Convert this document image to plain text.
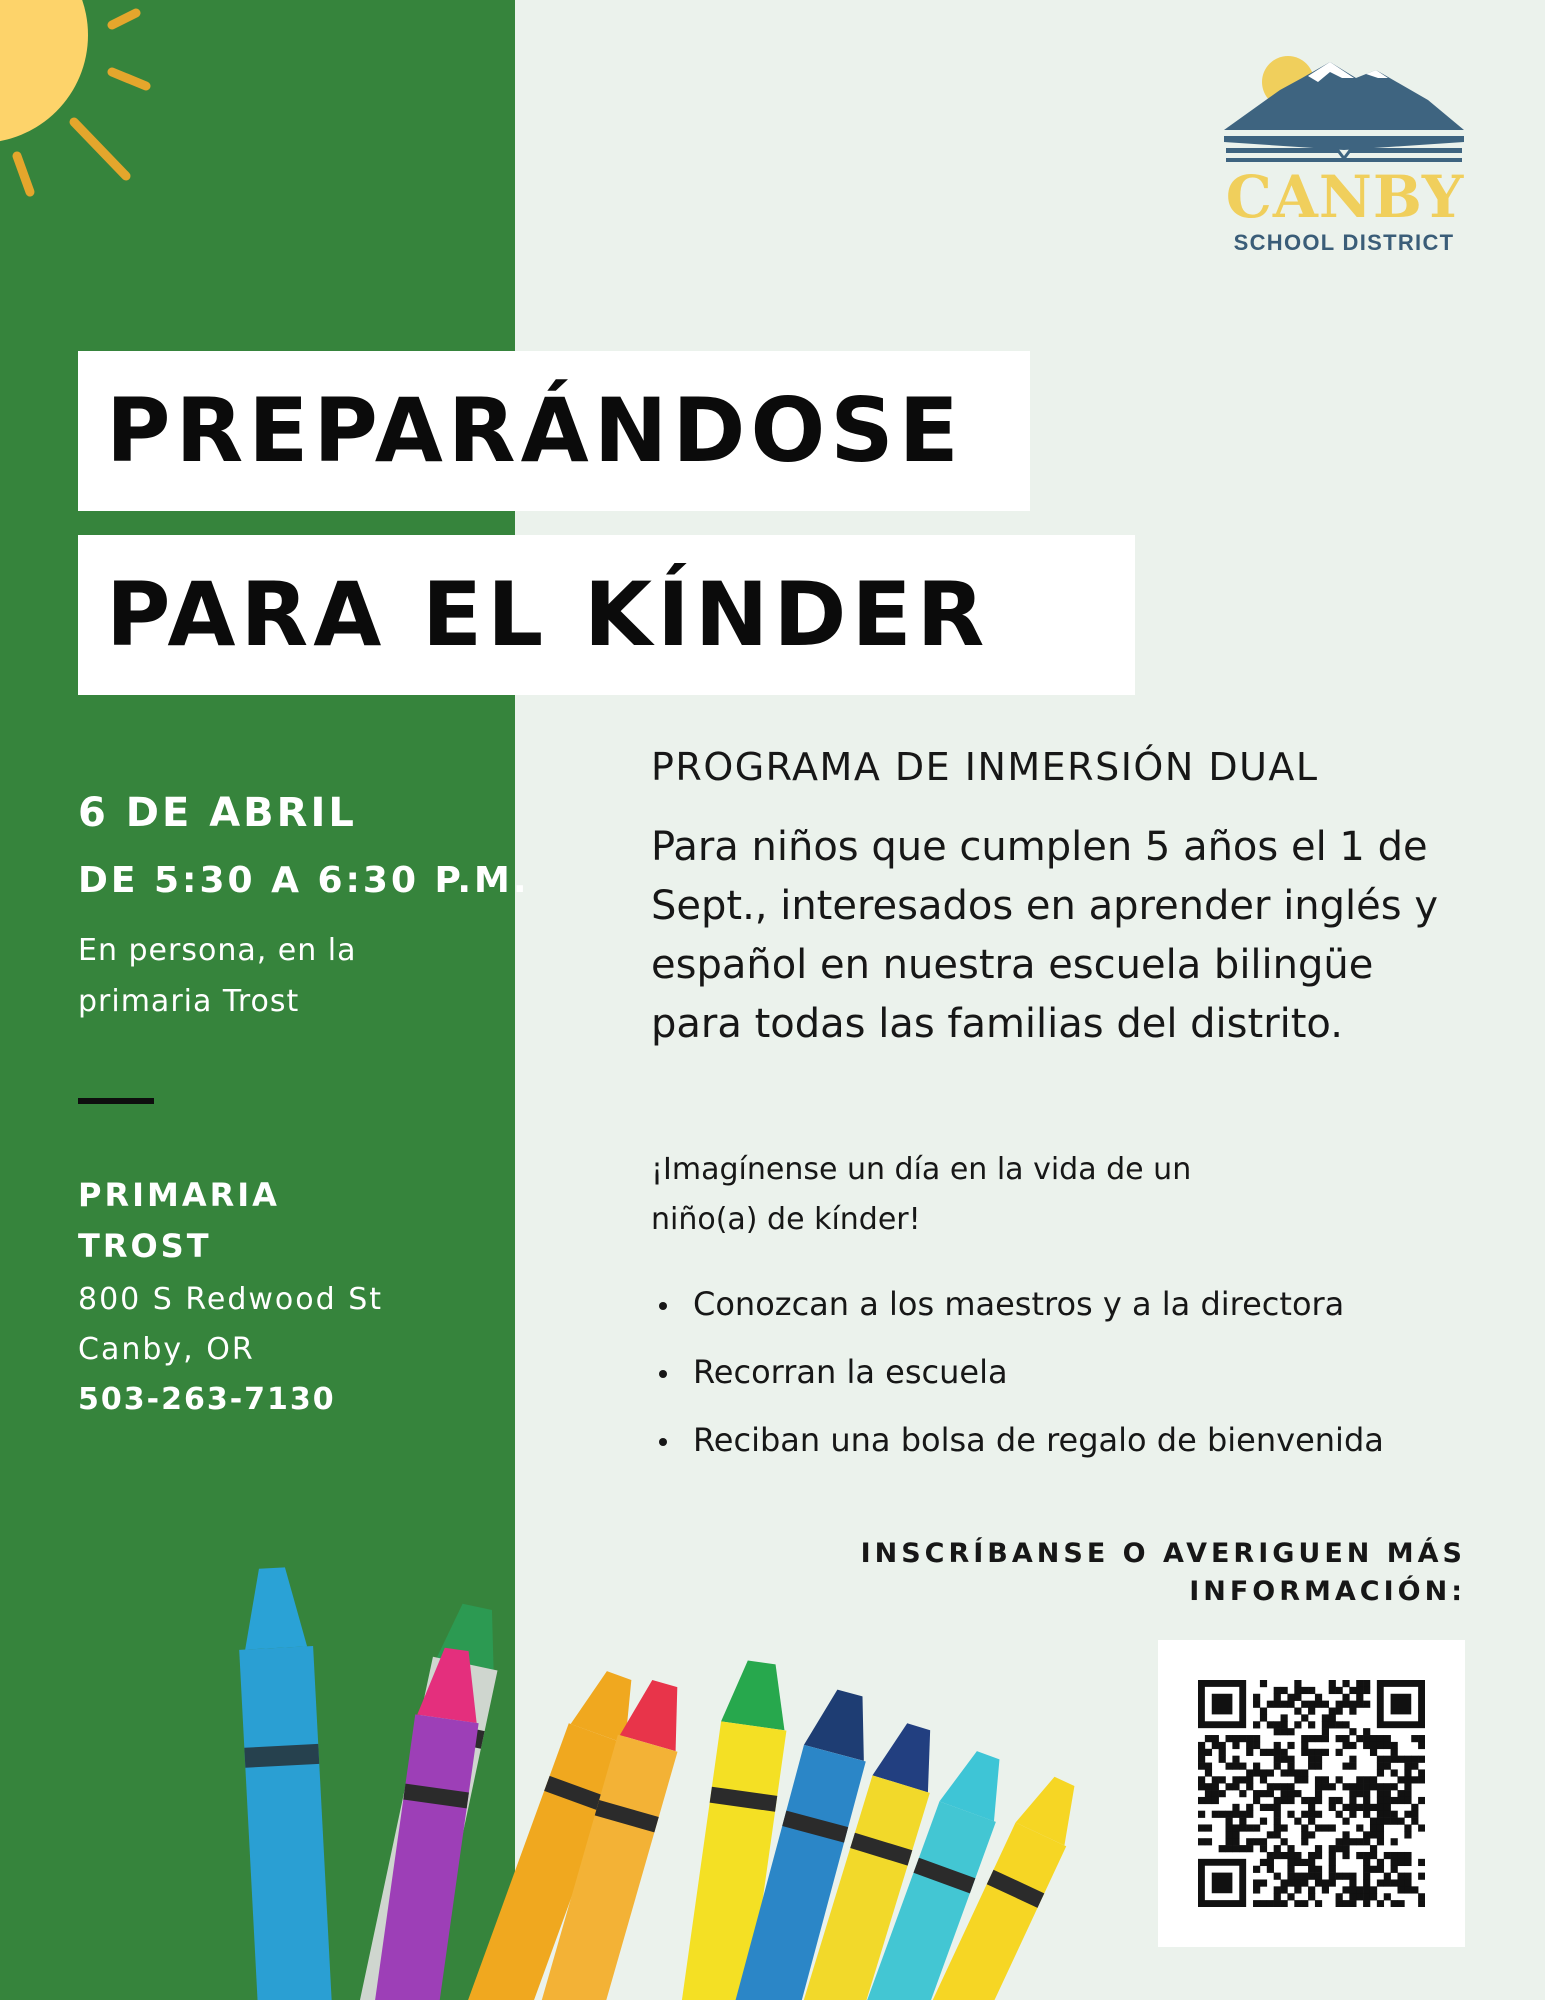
CANBY
SCHOOL DISTRICT
PREPARÁNDOSE
PARA EL KÍNDER
6 DE ABRIL
DE 5:30 A 6:30 P.M.
En persona, en la
primaria Trost
PRIMARIA
TROST
800 S Redwood St
Canby, OR
503-263-7130
PROGRAMA DE INMERSIÓN DUAL
Para niños que cumplen 5 años el 1 de Sept., interesados en aprender inglés y español en nuestra escuela bilingüe para todas las familias del distrito.
¡Imagínense un día en la vida de un
niño(a) de kínder!
Conozcan a los maestros y a la directora
Recorran la escuela
Reciban una bolsa de regalo de bienvenida
INSCRÍBANSE O AVERIGUEN MÁS
INFORMACIÓN:
